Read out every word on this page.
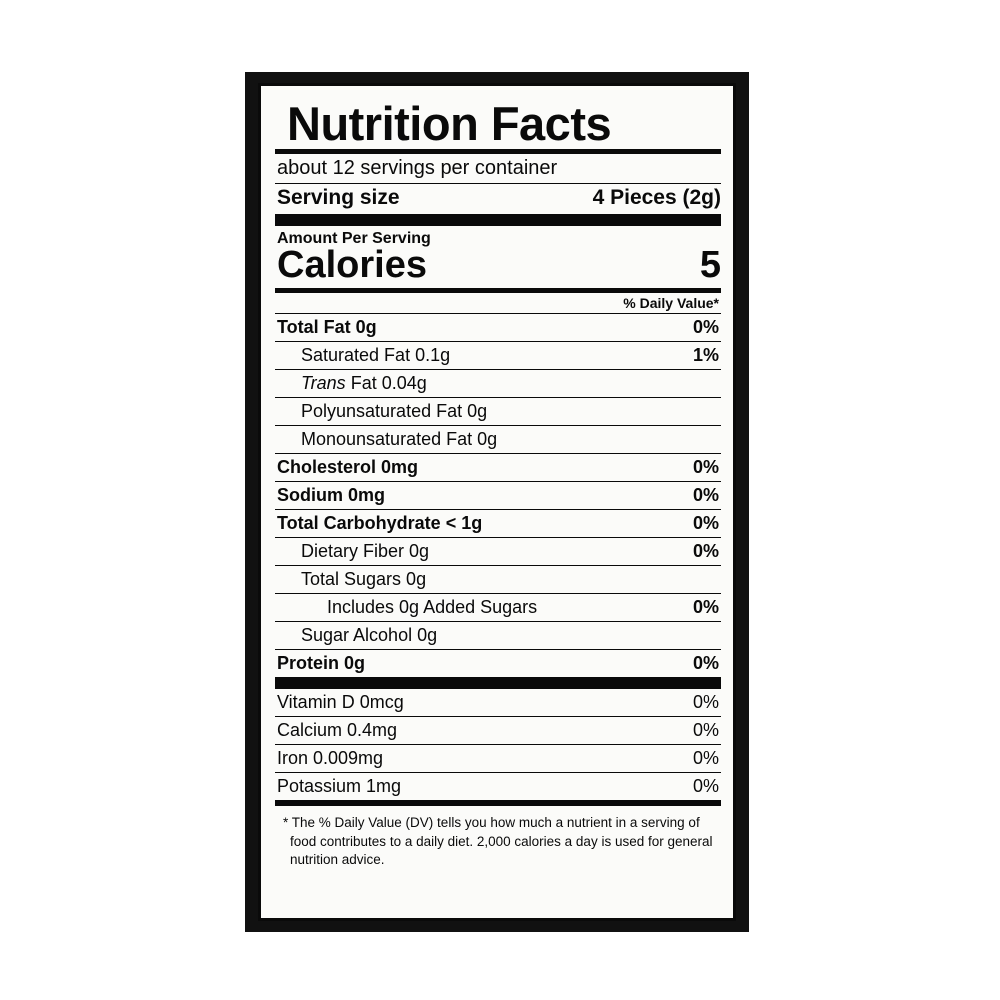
Nutrition Facts
about 12 servings per container
Serving size	4 Pieces (2g)
Amount Per Serving
Calories	5
% Daily Value*
Total Fat 0g	0%
Saturated Fat 0.1g	1%
Trans Fat 0.04g
Polyunsaturated Fat 0g
Monounsaturated Fat 0g
Cholesterol 0mg	0%
Sodium 0mg	0%
Total Carbohydrate < 1g	0%
Dietary Fiber 0g	0%
Total Sugars 0g
Includes 0g Added Sugars	0%
Sugar Alcohol 0g
Protein 0g	0%
Vitamin D 0mcg	0%
Calcium 0.4mg	0%
Iron 0.009mg	0%
Potassium 1mg	0%
* The % Daily Value (DV) tells you how much a nutrient in a serving of food contributes to a daily diet. 2,000 calories a day is used for general nutrition advice.
